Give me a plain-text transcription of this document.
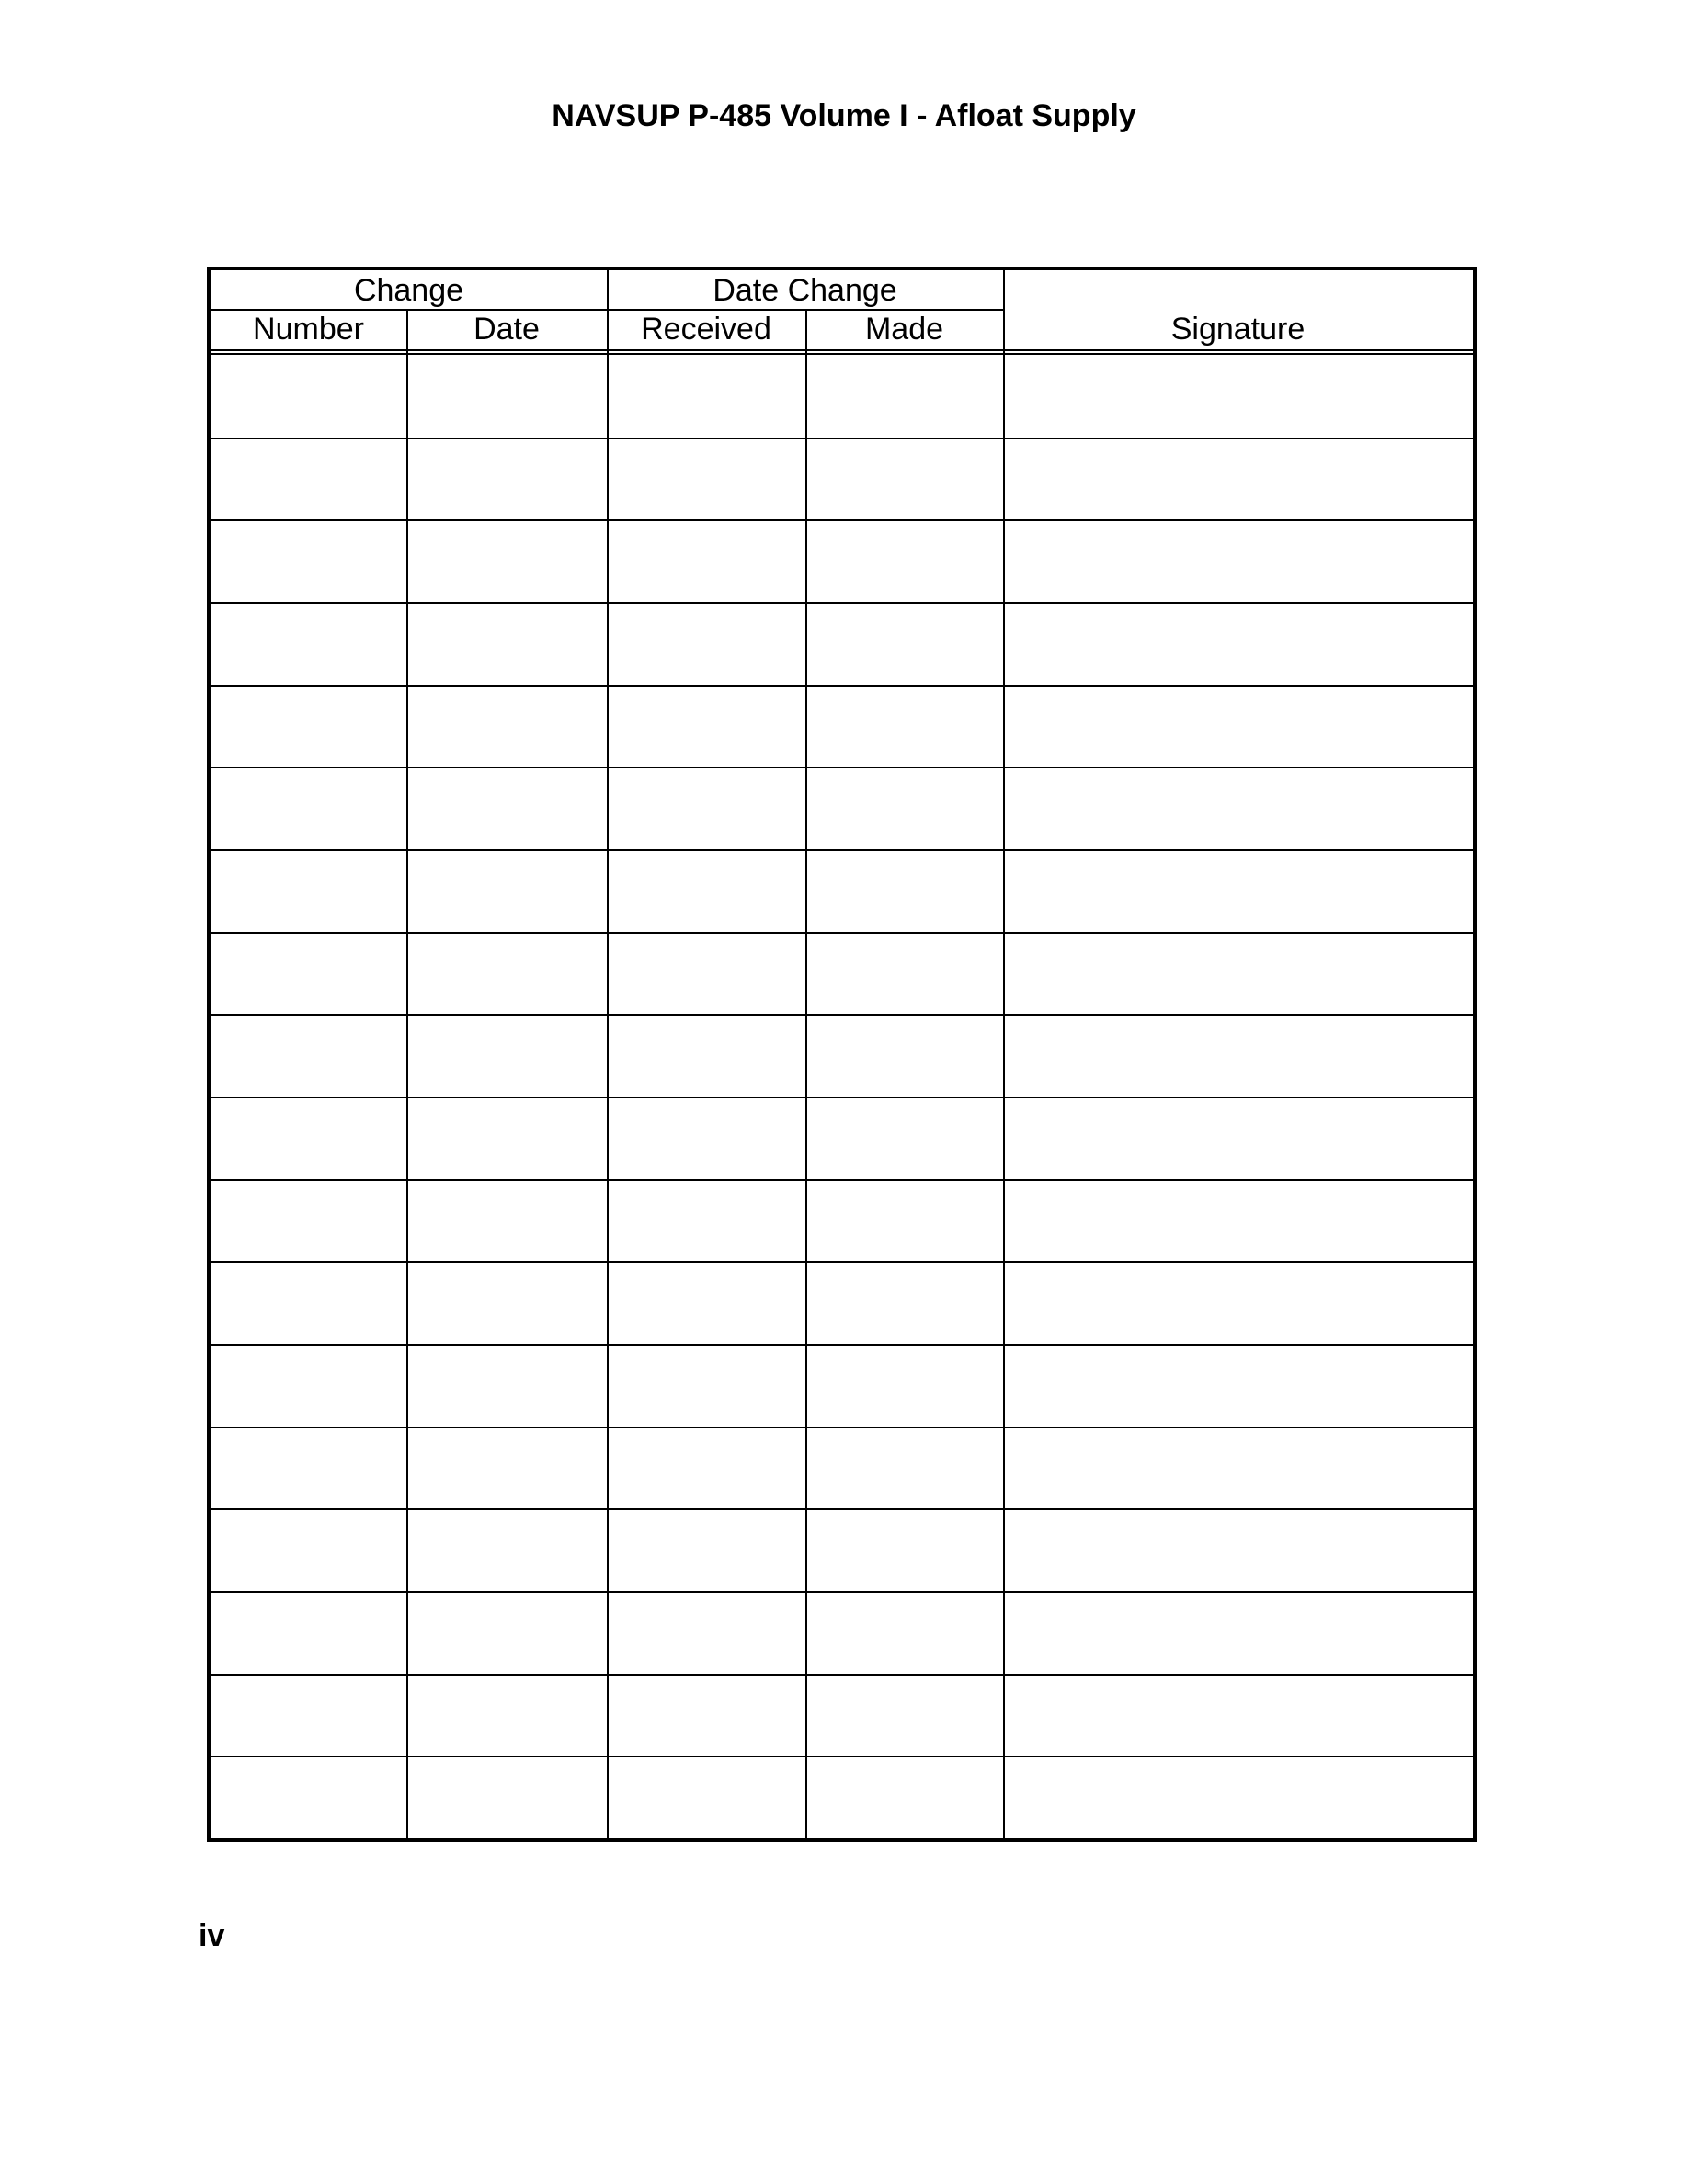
NAVSUP P-485 Volume I - Afloat Supply
Change	Date Change
Number	Date	Received	Made	Signature
iv
